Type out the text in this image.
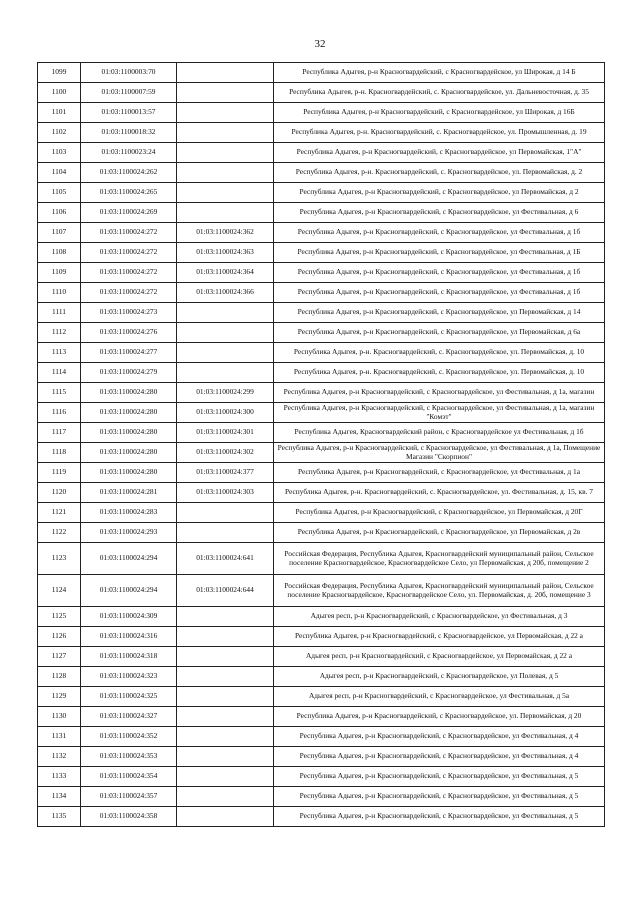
32
1099	01:03:1100003:70		Республика Адыгея, р-н Красногвардейский, с Красногвардейское, ул Широкая, д 14 Б
1100	01:03:1100007:59		Республика Адыгея, р-н. Красногвардейский, с. Красногвардейское, ул. Дальневосточная, д. 35
1101	01:03:1100013:57		Республика Адыгея, р-н Красногвардейский, с Красногвардейское, ул Широкая, д 16Б
1102	01:03:1100018:32		Республика Адыгея, р-н. Красногвардейский, с. Красногвардейское, ул. Промышленная, д. 19
1103	01:03:1100023:24		Республика Адыгея, р-н Красногвардейский, с Красногвардейское, ул Первомайская, 1"А"
1104	01:03:1100024:262		Республика Адыгея, р-н. Красногвардейский, с. Красногвардейское, ул. Первомайская, д. 2
1105	01:03:1100024:265		Республика Адыгея, р-н Красногвардейский, с Красногвардейское, ул Первомайская, д 2
1106	01:03:1100024:269		Республика Адыгея, р-н Красногвардейский, с Красногвардейское, ул Фестивальная, д 6
1107	01:03:1100024:272	01:03:1100024:362	Республика Адыгея, р-н Красногвардейский, с Красногвардейское, ул Фестивальная, д 1б
1108	01:03:1100024:272	01:03:1100024:363	Республика Адыгея, р-н Красногвардейский, с Красногвардейское, ул Фестивальная, д 1Б
1109	01:03:1100024:272	01:03:1100024:364	Республика Адыгея, р-н Красногвардейский, с Красногвардейское, ул Фестивальная, д 1б
1110	01:03:1100024:272	01:03:1100024:366	Республика Адыгея, р-н Красногвардейский, с Красногвардейское, ул Фестивальная, д 1б
1111	01:03:1100024:273		Республика Адыгея, р-н Красногвардейский, с Красногвардейское, ул Первомайская, д 14
1112	01:03:1100024:276		Республика Адыгея, р-н Красногвардейский, с Красногвардейское, ул Первомайская, д 6а
1113	01:03:1100024:277		Республика Адыгея, р-н. Красногвардейский, с. Красногвардейское, ул. Первомайская, д. 10
1114	01:03:1100024:279		Республика Адыгея, р-н. Красногвардейский, с. Красногвардейское, ул. Первомайская, д. 10
1115	01:03:1100024:280	01:03:1100024:299	Республика Адыгея, р-н Красногвардейский, с Красногвардейское, ул Фестивальная, д 1а, магазин
1116	01:03:1100024:280	01:03:1100024:300	Республика Адыгея, р-н Красногвардейский, с Красногвардейское, ул Фестивальная, д 1а, магазин "Комэт"
1117	01:03:1100024:280	01:03:1100024:301	Республика Адыгея, Красногвардейский район, с Красногвардейское ул Фестивальная, д 1б
1118	01:03:1100024:280	01:03:1100024:302	Республика Адыгея, р-н Красногвардейский, с Красногвардейское, ул Фестивальная, д 1а, Помещение Магазин "Скорпион"
1119	01:03:1100024:280	01:03:1100024:377	Республика Адыгея, р-н Красногвардейский, с Красногвардейское, ул Фестивальная, д 1а
1120	01:03:1100024:281	01:03:1100024:303	Республика Адыгея, р-н. Красногвардейский, с. Красногвардейское, ул. Фестивальная, д. 15, кв. 7
1121	01:03:1100024:283		Республика Адыгея, р-н Красногвардейский, с Красногвардейское, ул Первомайская, д 20Г
1122	01:03:1100024:293		Республика Адыгея, р-н Красногвардейский, с Красногвардейское, ул Первомайская, д 2в
1123	01:03:1100024:294	01:03:1100024:641	Российская Федерация, Республика Адыгея, Красногвардейский муниципальный район, Сельское поселение Красногвардейское, Красногвардейское Село, ул Первомайская, д 20б, помещение 2
1124	01:03:1100024:294	01:03:1100024:644	Российская Федерация, Республика Адыгея, Красногвардейский муниципальный район, Сельское поселение Красногвардейское, Красногвардейское Село, ул. Первомайская, д. 20б, помещение 3
1125	01:03:1100024:309		Адыгея респ, р-н Красногвардейский, с Красногвардейское, ул Фестивальная, д 3
1126	01:03:1100024:316		Республика Адыгея, р-н Красногвардейский, с Красногвардейское, ул Первомайская, д 22 а
1127	01:03:1100024:318		Адыгея респ, р-н Красногвардейский, с Красногвардейское, ул Первомайская, д 22 а
1128	01:03:1100024:323		Адыгея респ, р-н Красногвардейский, с Красногвардейское, ул Полевая, д 5
1129	01:03:1100024:325		Адыгея респ, р-н Красногвардейский, с Красногвардейское, ул Фестивальная, д 5а
1130	01:03:1100024:327		Республика Адыгея, р-н Красногвардейский, с Красногвардейское, ул. Первомайская, д 20
1131	01:03:1100024:352		Республика Адыгея, р-н Красногвардейский, с Красногвардейское, ул Фестивальная, д 4
1132	01:03:1100024:353		Республика Адыгея, р-н Красногвардейский, с Красногвардейское, ул Фестивальная, д 4
1133	01:03:1100024:354		Республика Адыгея, р-н Красногвардейский, с Красногвардейское, ул Фестивальная, д 5
1134	01:03:1100024:357		Республика Адыгея, р-н Красногвардейский, с Красногвардейское, ул Фестивальная, д 5
1135	01:03:1100024:358		Республика Адыгея, р-н Красногвардейский, с Красногвардейское, ул Фестивальная, д 5
